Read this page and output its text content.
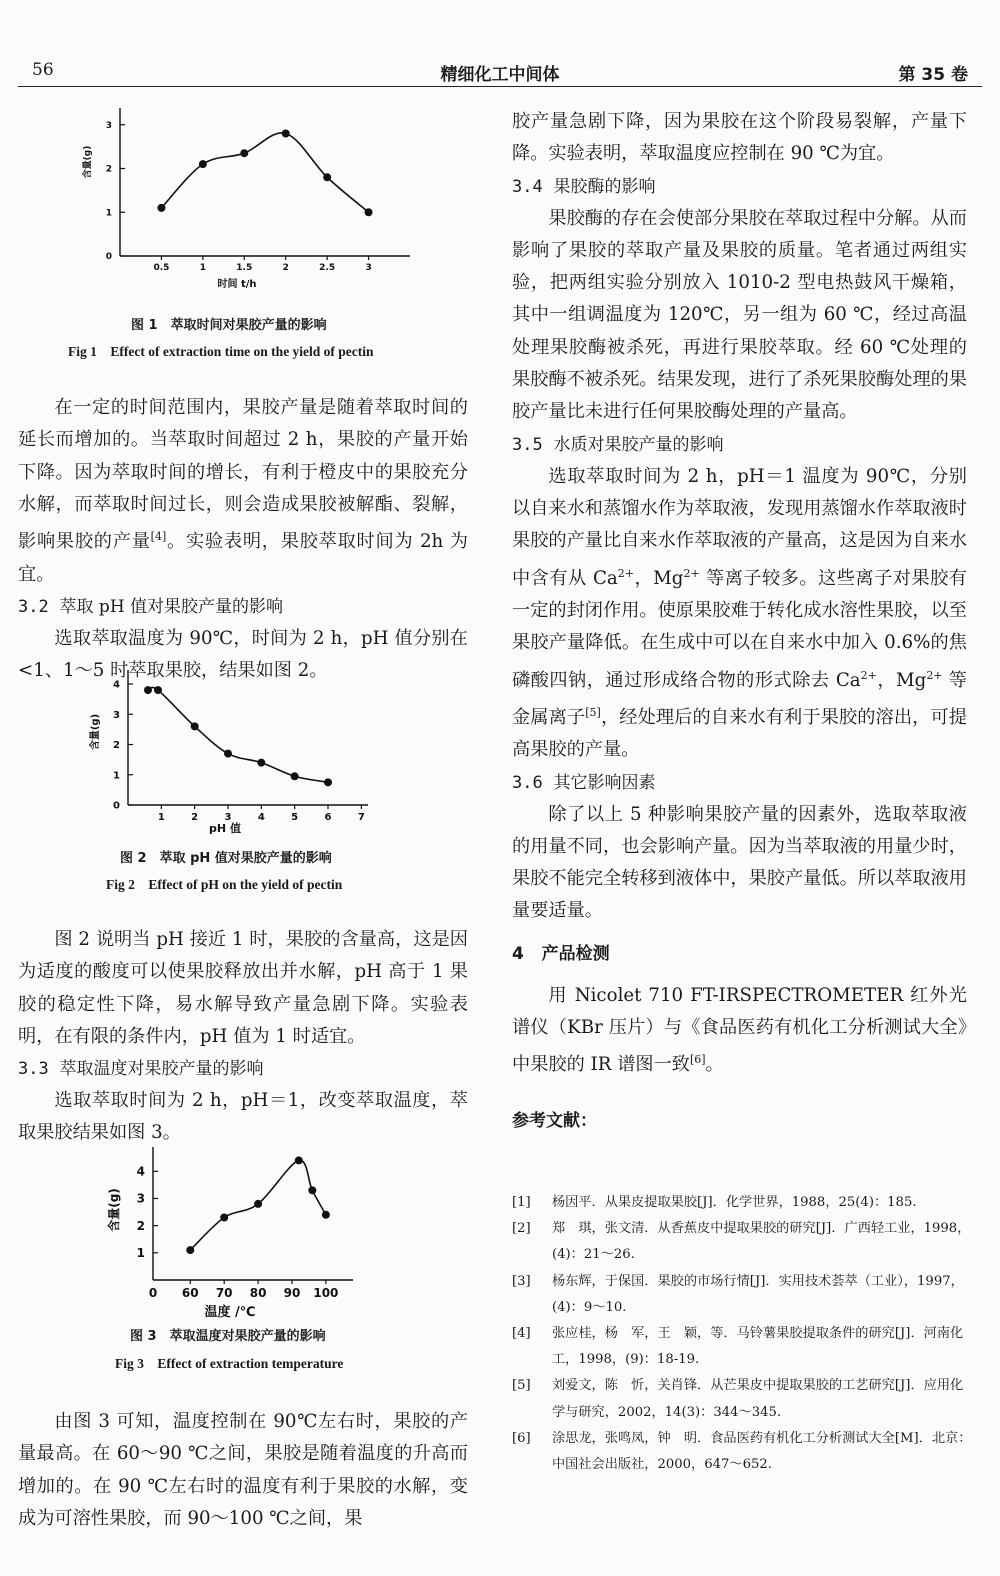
56	精细化工中间体	第 35 卷
0
1
2
3
0.5	1	1.5	2	2.5	3
时间 t/h
含量(g)
图 1　萃取时间对果胶产量的影响
Fig 1　Effect of extraction time on the yield of pectin

在一定的时间范围内，果胶产量是随着萃取时间的延长而增加的。当萃取时间超过 2 h，果胶的产量开始下降。因为萃取时间的增长，有利于橙皮中的果胶充分水解，而萃取时间过长，则会造成果胶被解酯、裂解，影响果胶的产量[4]。实验表明，果胶萃取时间为 2h 为宜。

3.2 萃取 pH 值对果胶产量的影响

选取萃取温度为 90℃，时间为 2 h，pH 值分别在<1、1～5 时萃取果胶，结果如图 2。

0
1
2
3
4
1	2	3	4	5	6	7
pH 值
含量(g)
图 2　萃取 pH 值对果胶产量的影响
Fig 2　Effect of pH on the yield of pectin

图 2 说明当 pH 接近 1 时，果胶的含量高，这是因为适度的酸度可以使果胶释放出并水解，pH 高于 1 果胶的稳定性下降，易水解导致产量急剧下降。实验表明，在有限的条件内，pH 值为 1 时适宜。

3.3 萃取温度对果胶产量的影响

选取萃取时间为 2 h，pH＝1，改变萃取温度，萃取果胶结果如图 3。

1
2
3
4
0 60 70 80 90 100
温度 /℃
含量(g)
图 3　萃取温度对果胶产量的影响
Fig 3　Effect of extraction temperature

由图 3 可知，温度控制在 90℃左右时，果胶的产量最高。在 60～90 ℃之间，果胶是随着温度的升高而增加的。在 90 ℃左右时的温度有利于果胶的水解，变成为可溶性果胶，而 90～100 ℃之间，果

胶产量急剧下降，因为果胶在这个阶段易裂解，产量下降。实验表明，萃取温度应控制在 90 ℃为宜。

3.4 果胶酶的影响

果胶酶的存在会使部分果胶在萃取过程中分解。从而影响了果胶的萃取产量及果胶的质量。笔者通过两组实验，把两组实验分别放入 1010-2 型电热鼓风干燥箱，其中一组调温度为 120℃，另一组为 60 ℃，经过高温处理果胶酶被杀死，再进行果胶萃取。经 60 ℃处理的果胶酶不被杀死。结果发现，进行了杀死果胶酶处理的果胶产量比未进行任何果胶酶处理的产量高。

3.5 水质对果胶产量的影响

选取萃取时间为 2 h，pH＝1 温度为 90℃，分别以自来水和蒸馏水作为萃取液，发现用蒸馏水作萃取液时果胶的产量比自来水作萃取液的产量高，这是因为自来水中含有从 $Ca^{2+}$，$Mg^{2+}$ 等离子较多。这些离子对果胶有一定的封闭作用。使原果胶难于转化成水溶性果胶，以至果胶产量降低。在生成中可以在自来水中加入 0.6%的焦磷酸四钠，通过形成络合物的形式除去 $Ca^{2+}$，$Mg^{2+}$ 等金属离子[5]，经处理后的自来水有利于果胶的溶出，可提高果胶的产量。

3.6 其它影响因素

除了以上 5 种影响果胶产量的因素外，选取萃取液的用量不同，也会影响产量。因为当萃取液的用量少时，果胶不能完全转移到液体中，果胶产量低。所以萃取液用量要适量。

4 产品检测

用 Nicolet 710 FT-IRSPECTROMETER 红外光谱仪（KBr 压片）与《食品医药有机化工分析测试大全》中果胶的 IR 谱图一致[6]。

参考文献：

[1] 杨因平．从果皮提取果胶[J]．化学世界，1988，25(4)：185.

[2] 郑　琪，张文清．从香蕉皮中提取果胶的研究[J]．广西轻工业，1998，(4)：21～26.

[3] 杨东辉，于保国．果胶的市场行情[J]．实用技术荟萃（工业），1997，(4)：9～10.

[4] 张应桂，杨　军，王　颖，等．马铃薯果胶提取条件的研究[J]．河南化工，1998，(9)：18-19.

[5] 刘爱文，陈　忻，关肖锋．从芒果皮中提取果胶的工艺研究[J]．应用化学与研究，2002，14(3)：344～345.

[6] 涂思龙，张鸣凤，钟　明．食品医药有机化工分析测试大全[M]．北京：中国社会出版社，2000，647～652.
